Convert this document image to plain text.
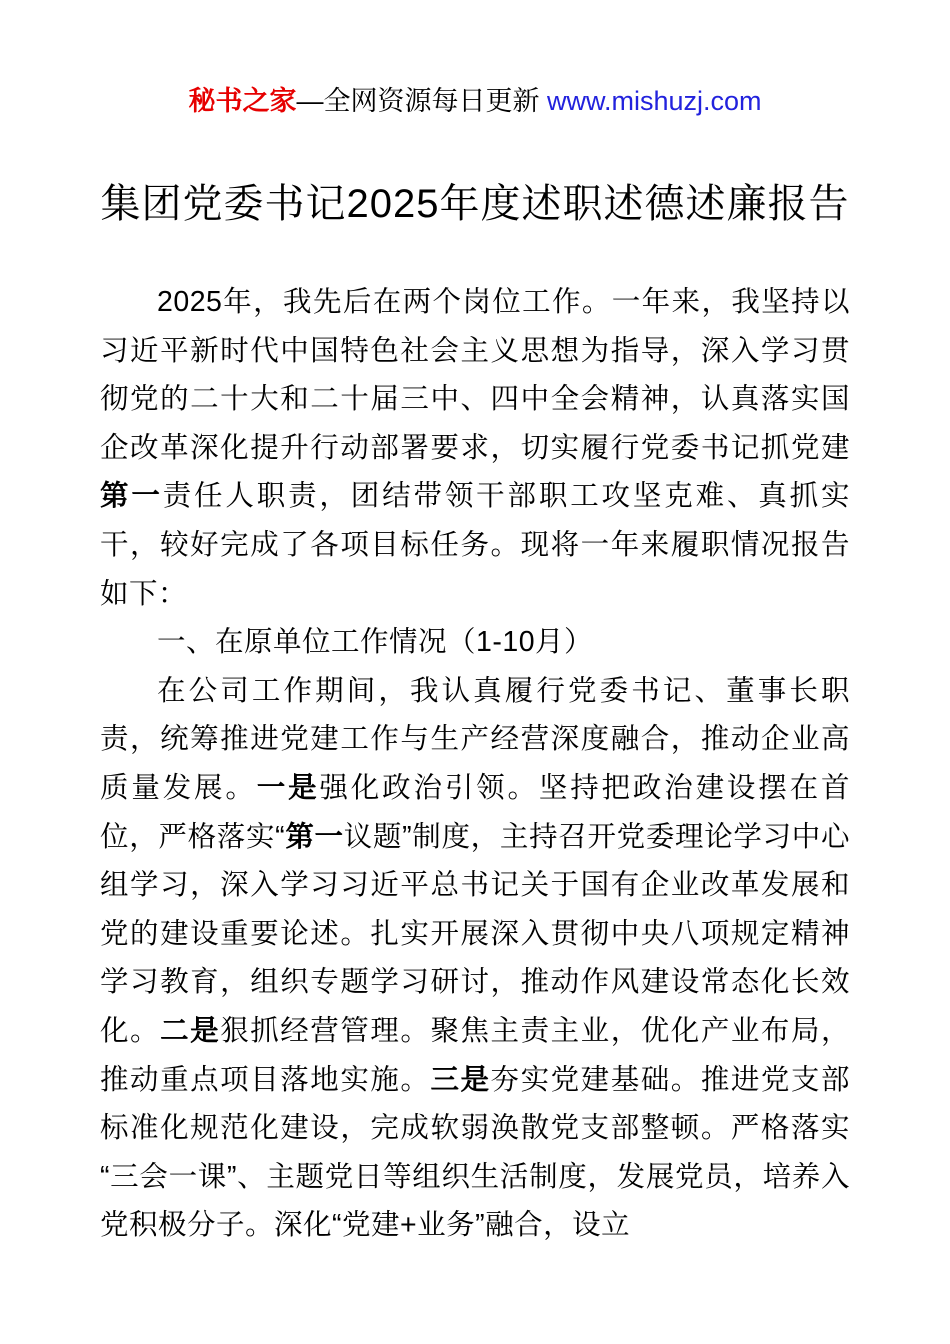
秘书之家—全网资源每日更新 www.mishuzj.com
集团党委书记2025年度述职述德述廉报告

2025年，我先后在两个岗位工作。一年来，我坚持以习近平新时代中国特色社会主义思想为指导，深入学习贯彻党的二十大和二十届三中、四中全会精神，认真落实国企改革深化提升行动部署要求，切实履行党委书记抓党建第一责任人职责，团结带领干部职工攻坚克难、真抓实干，较好完成了各项目标任务。现将一年来履职情况报告如下：

一、在原单位工作情况（1-10月）

在公司工作期间，我认真履行党委书记、董事长职责，统筹推进党建工作与生产经营深度融合，推动企业高质量发展。一是强化政治引领。坚持把政治建设摆在首位，严格落实“第一议题”制度，主持召开党委理论学习中心组学习，深入学习习近平总书记关于国有企业改革发展和党的建设重要论述。扎实开展深入贯彻中央八项规定精神学习教育，组织专题学习研讨，推动作风建设常态化长效化。二是狠抓经营管理。聚焦主责主业，优化产业布局，推动重点项目落地实施。三是夯实党建基础。推进党支部标准化规范化建设，完成软弱涣散党支部整顿。严格落实“三会一课”、主题党日等组织生活制度，发展党员，培养入党积极分子。深化“党建+业务”融合，设立
